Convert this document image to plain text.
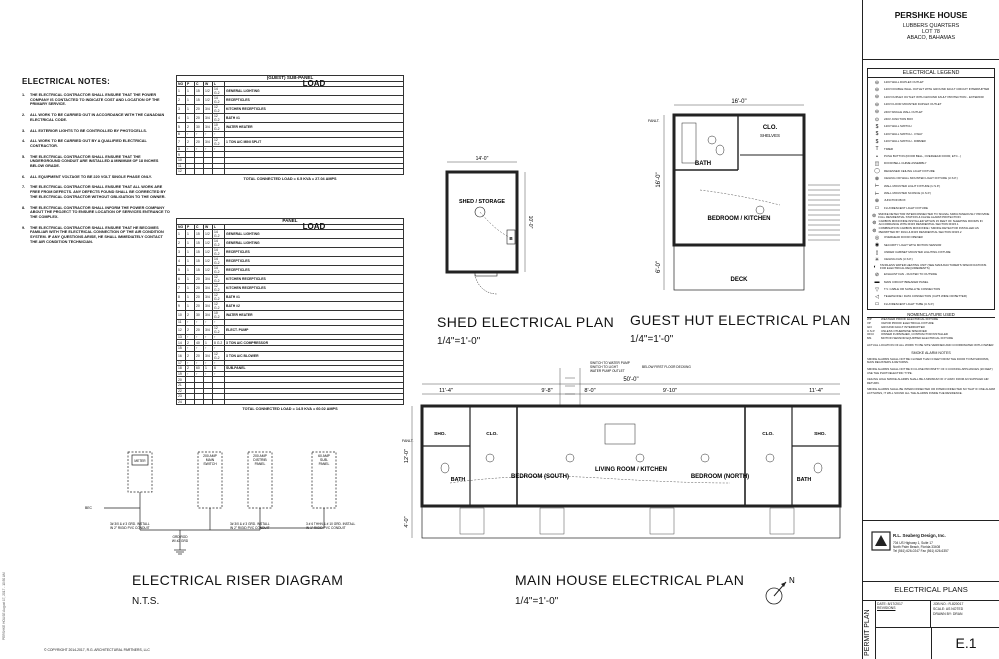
PERSHKE HOUSE August 17, 2017 - 10:50 AM
ELECTRICAL NOTES:
1.	THE ELECTRICAL CONTRACTOR SHALL ENSURE THAT THE POWER COMPANY IS CONTACTED TO INDICATE COST AND LOCATION OF THE PRIMARY SERVICE.
2.	ALL WORK TO BE CARRIED OUT IN ACCORDANCE WITH THE CANADIAN ELECTRICAL CODE.
3.	ALL EXTERIOR LIGHTS TO BE CONTROLLED BY PHOTOCELLS.
4.	ALL WORK TO BE CARRIED OUT BY A QUALIFIED ELECTRICAL CONTRACTOR.
5.	THE ELECTRICAL CONTRACTOR SHALL ENSURE THAT THE UNDERGROUND CONDUIT ARE INSTALLED A MINIMUM OF 18 INCHES BELOW GRADE.
6.	ALL EQUIPMENT VOLTAGE TO BE 220 VOLT SINGLE PHASE ONLY.
7.	THE ELECTRICAL CONTRACTOR SHALL ENSURE THAT ALL WORK ARE FREE FROM DEFECTS. ANY DEFECTS FOUND SHALL BE CORRECTED BY THE ELECTRICAL CONTRACTOR WITHOUT OBLIGATION TO THE OWNER.
8.	THE ELECTRICAL CONTRACTOR SHALL INFORM THE POWER COMPANY ABOUT THE PROJECT TO ENSURE LOCATION OF SERVICES ENTRANCE TO THE COMPLEX.
9.	THE ELECTRICAL CONTRACTOR SHALL ENSURE THAT HE BECOMES FAMILIAR WITH THE ELECTRICAL CONNECTION OF THE AIR CONDITION SYSTEM. IF ANY QUESTIONS ARISE, HE SHALL IMMEDIATELY CONTACT THE AIR CONDITION TECHNICIAN.
(GUEST) SUB-PANEL					
NO	P	C	W	L	LOAD
1	1	15	1/2	14 G.2	GENERAL LIGHTING
2	1	15	1/2	14 G.2	RECEPTICLES
3	1	20	3/4	12 G.2	KITCHEN RECEPTICLES
4	1	20	3/4	12 G.2	BATH #1
5	2	30	3/4	10 G.2	WATER HEATER
6	↑	↑	↑	↑	
7	2	20	3/4	12 G.2	1 TON A/C MINI SPLIT
8	↑	↑	↑	↑	
9					
10					
11					
12					
TOTAL CONNECTED LOAD = 6.5 KVA = 27.04 AMPS
PANEL					
NO	P	C	W	L	LOAD
1	1	15	1/2	14 G.2	GENERAL LIGHTING
2	1	15	1/2	14 G.2	GENERAL LIGHTING
3	1	15	1/2	14 G.2	RECEPTICLES
4	1	15	1/2	14 G.2	RECEPTICLES
5	1	15	1/2	14 G.2	RECEPTICLES
6	1	20	3/4	12 G.2	KITCHEN RECEPTICLES
7	1	20	3/4	12 G.2	KITCHEN RECEPTICLES
8	1	20	3/4	12 G.2	BATH #1
9	1	20	3/4	12 G.2	BATH #2
10	2	30	3/4	10 G.2	WATER HEATER
11	↑	↑	↑	↑	
12	2	20	3/4	12 G.2	ELECT. PUMP
13	↑	↑	↑	↑	
14	2	40	1	8 G.2	3 TON A/C COMPRESSOR
15	↑	↑	↑	↑	
16	2	20	3/4	12 G.2	3 TON A/C BLOWER
17	↑	↑	↑	↑	
18	2	60	1	6	SUB-PANEL
19	↑	↑	↑	↑	
20					
21					
22					
23					
24					
TOTAL CONNECTED LOAD = 14.5 KVA = 60.02 AMPS
METER
200 AMP
MAIN
SWITCH
200 AMP
DISTRIB
PANEL
60 AMP
SUB-
PANEL
BEC
3# 3/0 & # 3 GRD. INSTALL
IN 2" RIGID PVC CONDUIT
3# 3/0 & # 3 GRD. INSTALL
IN 2" RIGID PVC CONDUIT
3 # 6 THHN & # 10 GRD. INSTALL
IN 1" RIGID PVC CONDUIT
GRD ROD
W/ #2 GRD
ELECTRICAL RISER DIAGRAM
N.T.S.
© COPYRIGHT 2014-2017, R.G. ARCHITECTURAL PARTNERS, LLC
14'-0"
10'-0"
SHED / STORAGE
B
SHED ELECTRICAL PLAN
1/4"=1'-0"
16'-0"
16'-0"
6'-0"
BATH
CLO.
SHELVES
BEDROOM / KITCHEN
DECK
FANLT.
GUEST HUT ELECTRICAL PLAN
1/4"=1'-0"
50'-0"
11'-4"	9'-8"	8'-0"	9'-10"	11'-4"
12'-0"
4'-0"
BEDROOM (SOUTH)
LIVING ROOM / KITCHEN
BEDROOM (NORTH)
BATH	BATH
SHO.	CLO.	CLO.	SHO.
FANLT.
SWITCH TO WATER PUMP
SWITCH TO LIGHT
WATER PUMP OUTLET
BELOW FIRST FLOOR DECKING
MAIN HOUSE ELECTRICAL PLAN
1/4"=1'-0"
N
PERSHKE HOUSE
LUBBERS QUARTERS
LOT 78
ABACO, BAHAMAS
ELECTRICAL LEGEND
⊖	120V WALL DUPLEX OUTLET
⊖	120V DOUBLE WALL OUTLET WITH GROUND FAULT CIRCUIT INTERRUPTER
⊖	120V DUPLEX OUTLET WITH GROUND FAULT PROTECTION - EXTERIOR
⊖	120V FLOOR MOUNTED DUPLEX OUTLET
⊖	240V SINGLE WALL OUTLET
⊙	240V JUNCTION BOX
$	120V WALL SWITCH
$	120V WALL SWITCH - 3 WAY
$	120V WALL SWITCH - DIMMER
T	TIMER
•	PUSH BUTTON (DOOR BELL, OVERHEAD DOOR, ETC...)
◫	DOOR BELL CHIME ASSEMBLY
◯	RECESSED CEILING LIGHT FIXTURE
⊗	CEILING OR WALL MOUNTED LIGHT FIXTURE (U.S.P.)
⊢	WALL MOUNTED LIGHT FIXTURE (U.S.P.)
⊢	WALL MOUNTED SCONCE (U.S.P.)
⊕	JUNCTION BOX
▭	FLUORESCENT LIGHT FIXTURE
⊚ SMOKE DETECTOR INTERCONNECTED TO SIGNAL SIMULTANEOUSLY PROVIDE FULL RESIDENTIAL STATION & FALSE ALARM PROTECTION
⊚ CARBON MONOXIDE INSTALLED WITHIN 15 FEET OF SLEEPING ROOMS IN ACCORDANCE WITH R315 RESIDENTIAL SECTION R315.1
⊚ COMBINATION CARBON MONOXIDE / SMOKE DETECTOR INSTALLED AS PERMITTED BY R314 & R315 RESIDENTIAL SECTION R315.2
◎	OVERHEAD DOOR OPENER
◉	SECURITY LIGHT WITH MOTION SENSOR
▯	UNDER CABINET MOUNTED LIGHTING FIXTURE
✳	CEILING FAN (U.S.P.)
◐	TANKLESS WATER HEATING UNIT (SEE MANUFACTURER'S SPECIFICATIONS FOR ELECTRICAL REQUIREMENTS)
⊘	EXHAUST FAN - DUCTED TO OUTSIDE
▬	MAIN CIRCUIT BREAKER PANEL
▽	T.V. CABLE OR SATELLITE CONNECTION
◁	TELEPHONE / DATA CONNECTION (CAT5 WIRE OR BETTER)
▭	FLUORESCENT LIGHT TUBE (U.S.P.)
NOMENCLATURE USED
WP	WEATHER PROOF ELECTRICAL FIXTURE
VP	VAPOR PROOF ELECTRICAL FIXTURE
GFI	GROUND FAULT INTERRUPTER
U.S.P.	UNLESS OTHERWISE SPECIFIED
OFCI	OWNER FURNISHED, CONTRACTOR INSTALLED
MS	MOTION SENSOR EQUIPPED ELECTRICAL FIXTURE
ACTUAL LOCATION OF ALL WORK TO BE SITE VERIFIED AND COORDINATED WITH OWNER
SMOKE ALARM NOTES
SMOKE ALARMS SHALL NOT BE CLOSER THAN 3 FEET FROM THE DOOR TO BATHROOMS, MAIN REGISTERS & RETURNS.
SMOKE ALARMS SHALL NOT BE IN CLOSE PROXIMITY OF 3 COOKING APPLIANCES (20 FEET) USE THE PHOTOELECTRIC TYPE.
CEILING HIGH SMOKE ALARMS SHALL BE A MINIMUM OF 4" AWAY FROM AN SUPPLIED AIR RETURN.
SMOKE ALARMS SHALL BE INTERCONNECTED OR INTERCONNECTED SO THAT IF ONE ALARM ACTIVATES, IT WILL SOUND ALL THE ALARMS INSIDE THE RESIDENCE.
R.L. Seaberg Design, Inc.
704 US Highway 1, Suite 17
North Palm Beach, Florida 33408
Tel (561) 626-0247 Fax (561) 626-6357
ELECTRICAL PLANS
PERMIT PLAN
DATE: 8/17/2017
REVISIONS
JOB NO.: R-820017
SCALE: AS NOTED
DRAWN BY: DRAN
E.1
